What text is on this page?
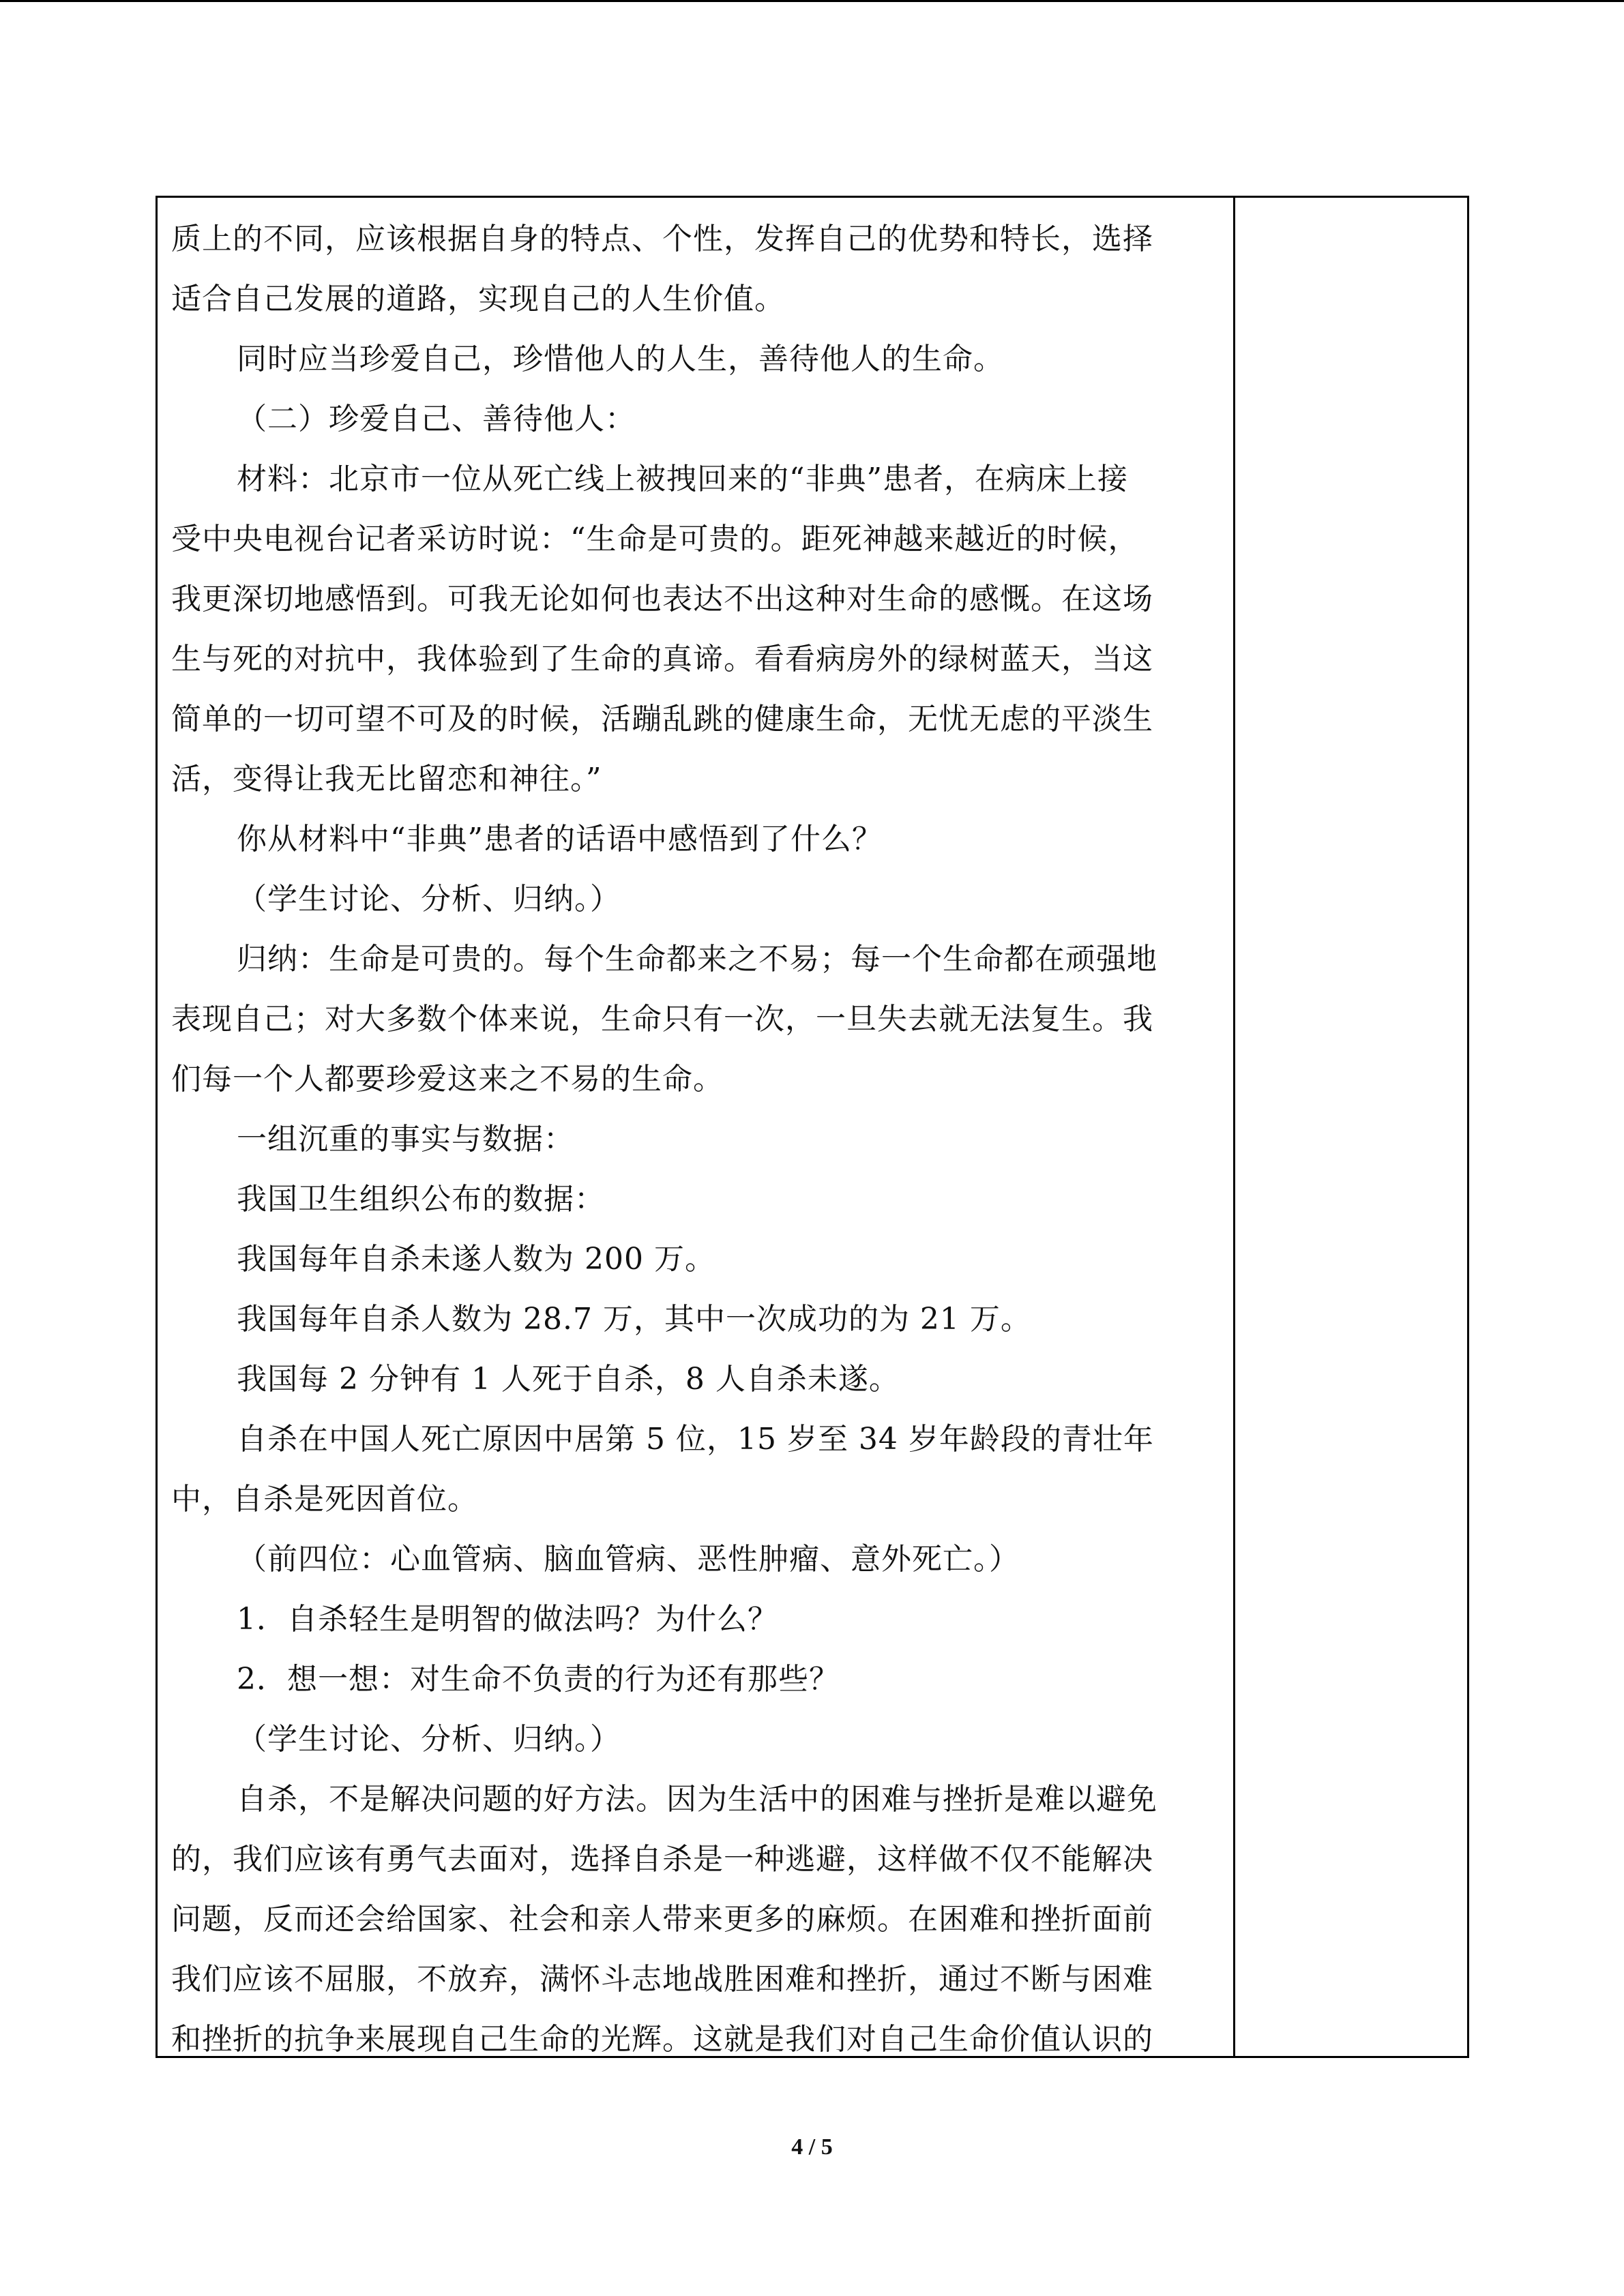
质上的不同，应该根据自身的特点、个性，发挥自己的优势和特长，选择

适合自己发展的道路，实现自己的人生价值。

同时应当珍爱自己，珍惜他人的人生，善待他人的生命。

（二）珍爱自己、善待他人：

材料：北京市一位从死亡线上被拽回来的“非典”患者，在病床上接

受中央电视台记者采访时说：“生命是可贵的。距死神越来越近的时候，

我更深切地感悟到。可我无论如何也表达不出这种对生命的感慨。在这场

生与死的对抗中，我体验到了生命的真谛。看看病房外的绿树蓝天，当这

简单的一切可望不可及的时候，活蹦乱跳的健康生命，无忧无虑的平淡生

活，变得让我无比留恋和神往。”

你从材料中“非典”患者的话语中感悟到了什么？

（学生讨论、分析、归纳。）

归纳：生命是可贵的。每个生命都来之不易；每一个生命都在顽强地

表现自己；对大多数个体来说，生命只有一次，一旦失去就无法复生。我

们每一个人都要珍爱这来之不易的生命。

一组沉重的事实与数据：

我国卫生组织公布的数据：

我国每年自杀未遂人数为 200 万。

我国每年自杀人数为 28.7 万，其中一次成功的为 21 万。

我国每 2 分钟有 1 人死于自杀，8 人自杀未遂。

自杀在中国人死亡原因中居第 5 位，15 岁至 34 岁年龄段的青壮年

中，自杀是死因首位。

（前四位：心血管病、脑血管病、恶性肿瘤、意外死亡。）

1．自杀轻生是明智的做法吗？为什么？

2．想一想：对生命不负责的行为还有那些？

（学生讨论、分析、归纳。）

自杀，不是解决问题的好方法。因为生活中的困难与挫折是难以避免

的，我们应该有勇气去面对，选择自杀是一种逃避，这样做不仅不能解决

问题，反而还会给国家、社会和亲人带来更多的麻烦。在困难和挫折面前

我们应该不屈服，不放弃，满怀斗志地战胜困难和挫折，通过不断与困难

和挫折的抗争来展现自己生命的光辉。这就是我们对自己生命价值认识的

4 / 5
